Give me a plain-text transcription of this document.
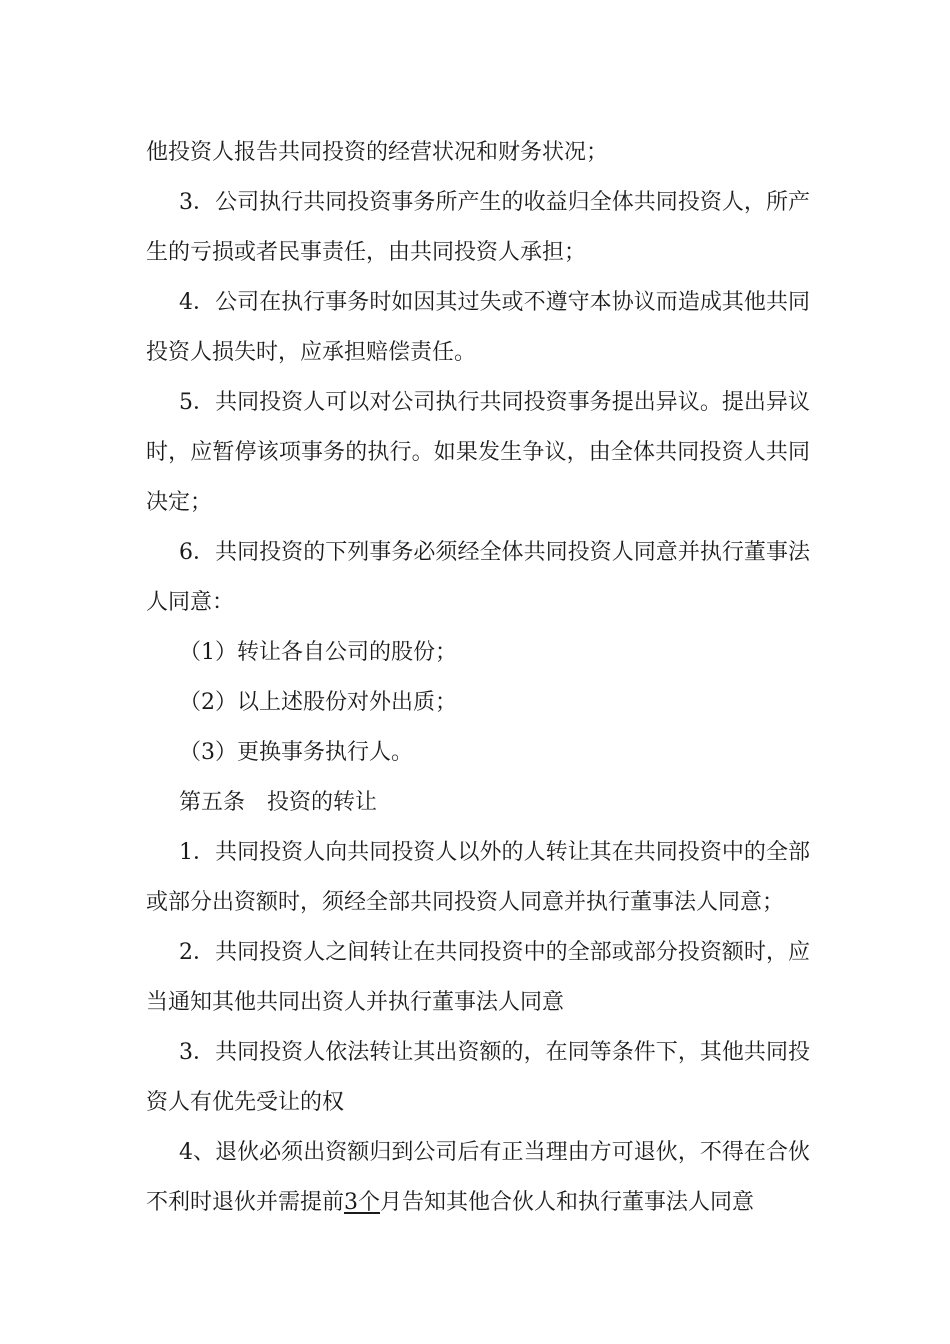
他投资人报告共同投资的经营状况和财务状况；

3．公司执行共同投资事务所产生的收益归全体共同投资人，所产生的亏损或者民事责任，由共同投资人承担；

4．公司在执行事务时如因其过失或不遵守本协议而造成其他共同投资人损失时，应承担赔偿责任。

5．共同投资人可以对公司执行共同投资事务提出异议。提出异议时，应暂停该项事务的执行。如果发生争议，由全体共同投资人共同决定；

6．共同投资的下列事务必须经全体共同投资人同意并执行董事法人同意：

（1）转让各自公司的股份；

（2）以上述股份对外出质；

（3）更换事务执行人。

第五条　投资的转让

1．共同投资人向共同投资人以外的人转让其在共同投资中的全部或部分出资额时，须经全部共同投资人同意并执行董事法人同意；

2．共同投资人之间转让在共同投资中的全部或部分投资额时，应当通知其他共同出资人并执行董事法人同意

3．共同投资人依法转让其出资额的，在同等条件下，其他共同投资人有优先受让的权

4、退伙必须出资额归到公司后有正当理由方可退伙，不得在合伙不利时退伙并需提前3个月告知其他合伙人和执行董事法人同意
